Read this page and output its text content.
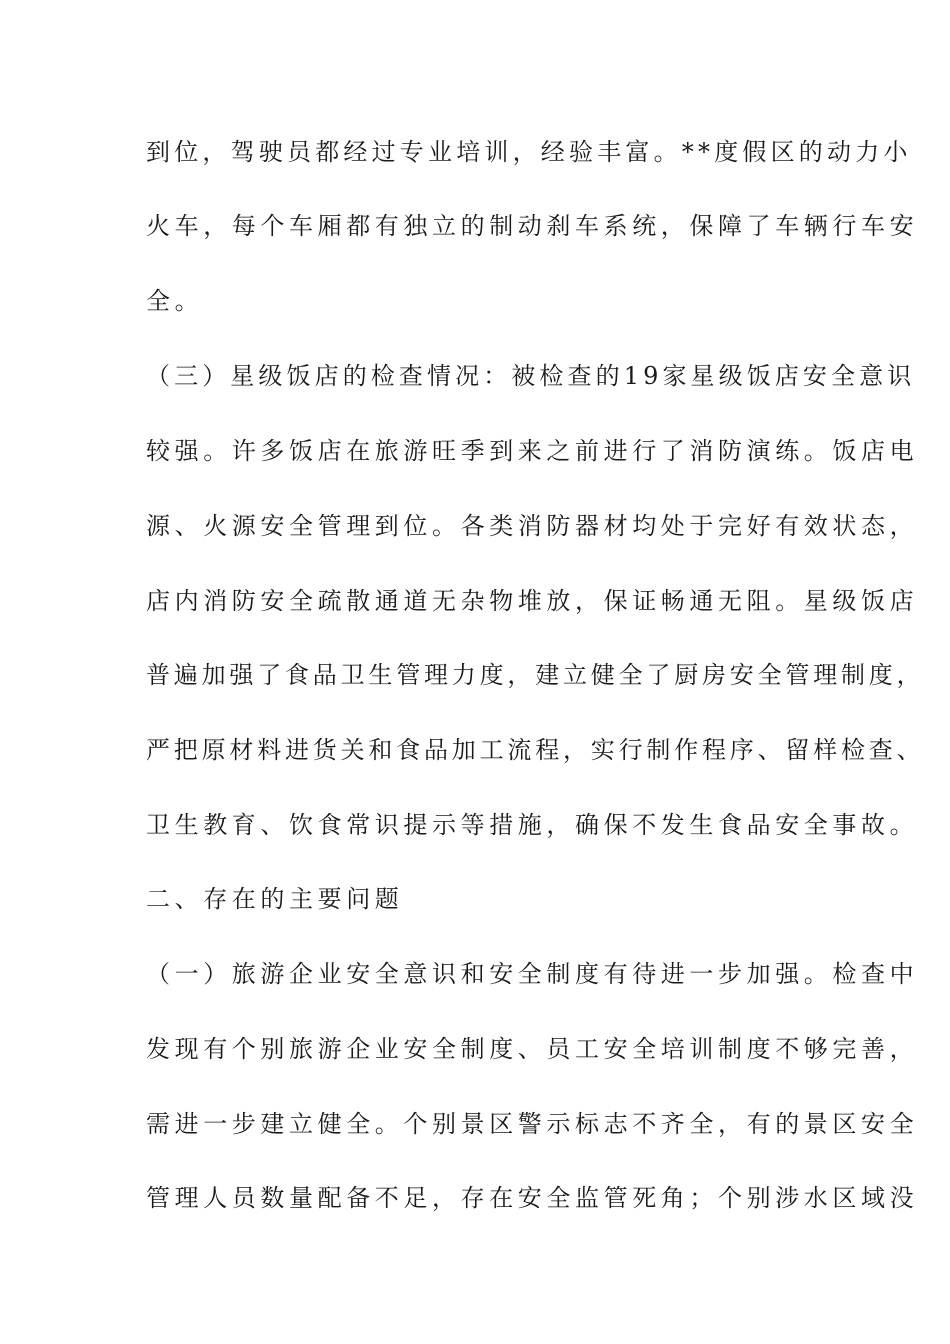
到位，驾驶员都经过专业培训，经验丰富。**度假区的动力小

火车，每个车厢都有独立的制动刹车系统，保障了车辆行车安

全。

（三）星级饭店的检查情况：被检查的19家星级饭店安全意识

较强。许多饭店在旅游旺季到来之前进行了消防演练。饭店电

源、火源安全管理到位。各类消防器材均处于完好有效状态，

店内消防安全疏散通道无杂物堆放，保证畅通无阻。星级饭店

普遍加强了食品卫生管理力度，建立健全了厨房安全管理制度，

严把原材料进货关和食品加工流程，实行制作程序、留样检查、

卫生教育、饮食常识提示等措施，确保不发生食品安全事故。

二、存在的主要问题

（一）旅游企业安全意识和安全制度有待进一步加强。检查中

发现有个别旅游企业安全制度、员工安全培训制度不够完善，

需进一步建立健全。个别景区警示标志不齐全，有的景区安全

管理人员数量配备不足，存在安全监管死角；个别涉水区域没
